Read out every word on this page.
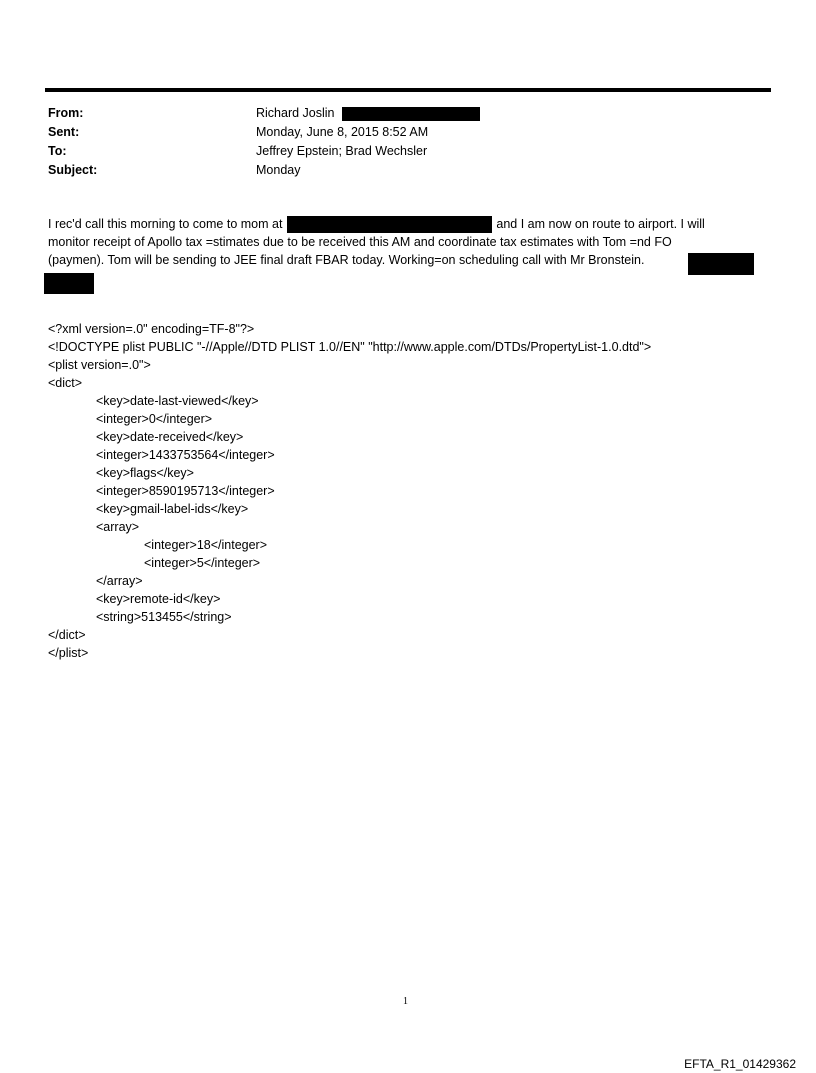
From:	Richard Joslin
Sent:	Monday, June 8, 2015 8:52 AM
To:	Jeffrey Epstein; Brad Wechsler
Subject:	Monday
I rec'd call this morning to come to mom at	and I am now on route to airport. I will
monitor receipt of Apollo tax =stimates due to be received this AM and coordinate tax estimates with Tom =nd FO
(paymen). Tom will be sending to JEE final draft FBAR today. Working=on scheduling call with Mr Bronstein.
<?xml version=.0" encoding=TF-8"?>
<!DOCTYPE plist PUBLIC "-//Apple//DTD PLIST 1.0//EN" "http://www.apple.com/DTDs/PropertyList-1.0.dtd">
<plist version=.0">
<dict>
<key>date-last-viewed</key>
<integer>0</integer>
<key>date-received</key>
<integer>1433753564</integer>
<key>flags</key>
<integer>8590195713</integer>
<key>gmail-label-ids</key>
<array>
<integer>18</integer>
<integer>5</integer>
</array>
<key>remote-id</key>
<string>513455</string>
</dict>
</plist>
1
EFTA_R1_01429362
